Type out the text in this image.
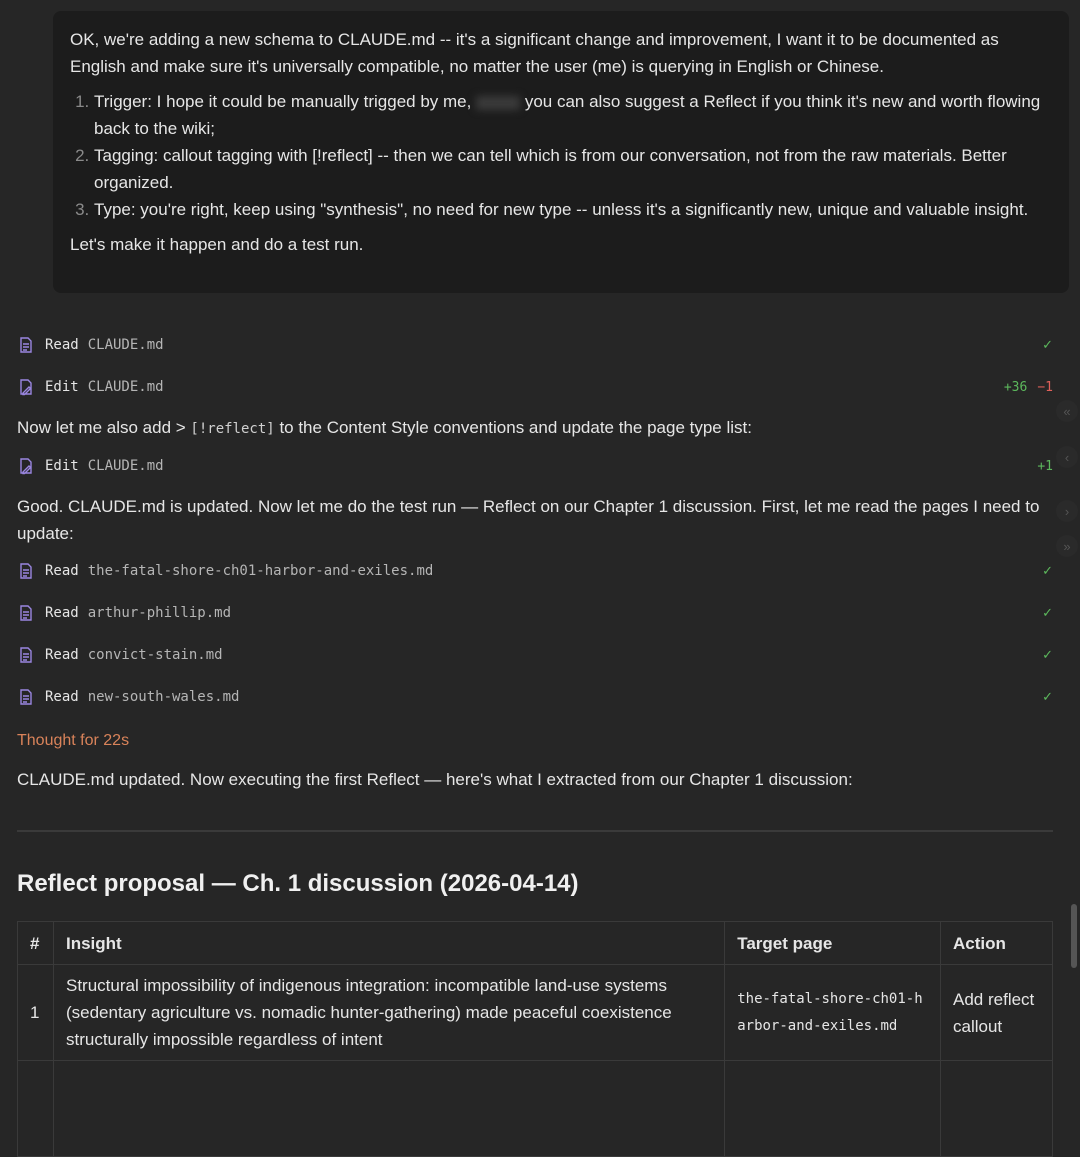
OK, we're adding a new schema to CLAUDE.md -- it's a significant change and improvement, I want it to be documented as English and make sure it's universally compatible, no matter the user (me) is querying in English or Chinese.

1. Trigger: I hope it could be manually trigged by me,	you can also suggest a Reflect if you think it's new and worth flowing back to the wiki;
2. Tagging: callout tagging with [!reflect] -- then we can tell which is from our conversation, not from the raw materials. Better organized.
3. Type: you're right, keep using "synthesis", no need for new type -- unless it's a significantly new, unique and valuable insight.

Let's make it happen and do a test run.

Read CLAUDE.md	✓
Edit CLAUDE.md	+36 −1
Now let me also add > [!reflect] to the Content Style conventions and update the page type list:
Edit CLAUDE.md	+1
Good. CLAUDE.md is updated. Now let me do the test run — Reflect on our Chapter 1 discussion. First, let me read the pages I need to update:
Read the-fatal-shore-ch01-harbor-and-exiles.md	✓
Read arthur-phillip.md	✓
Read convict-stain.md	✓
Read new-south-wales.md	✓
Thought for 22s
CLAUDE.md updated. Now executing the first Reflect — here's what I extracted from our Chapter 1 discussion:
Reflect proposal — Ch. 1 discussion (2026-04-14)
#	Insight	Target page	Action
1	Structural impossibility of indigenous integration: incompatible land-use systems (sedentary agriculture vs. nomadic hunter-gathering) made peaceful coexistence structurally impossible regardless of intent	the-fatal-shore-ch01-harbor-and-exiles.md	Add reflect callout

«
‹
›
»
